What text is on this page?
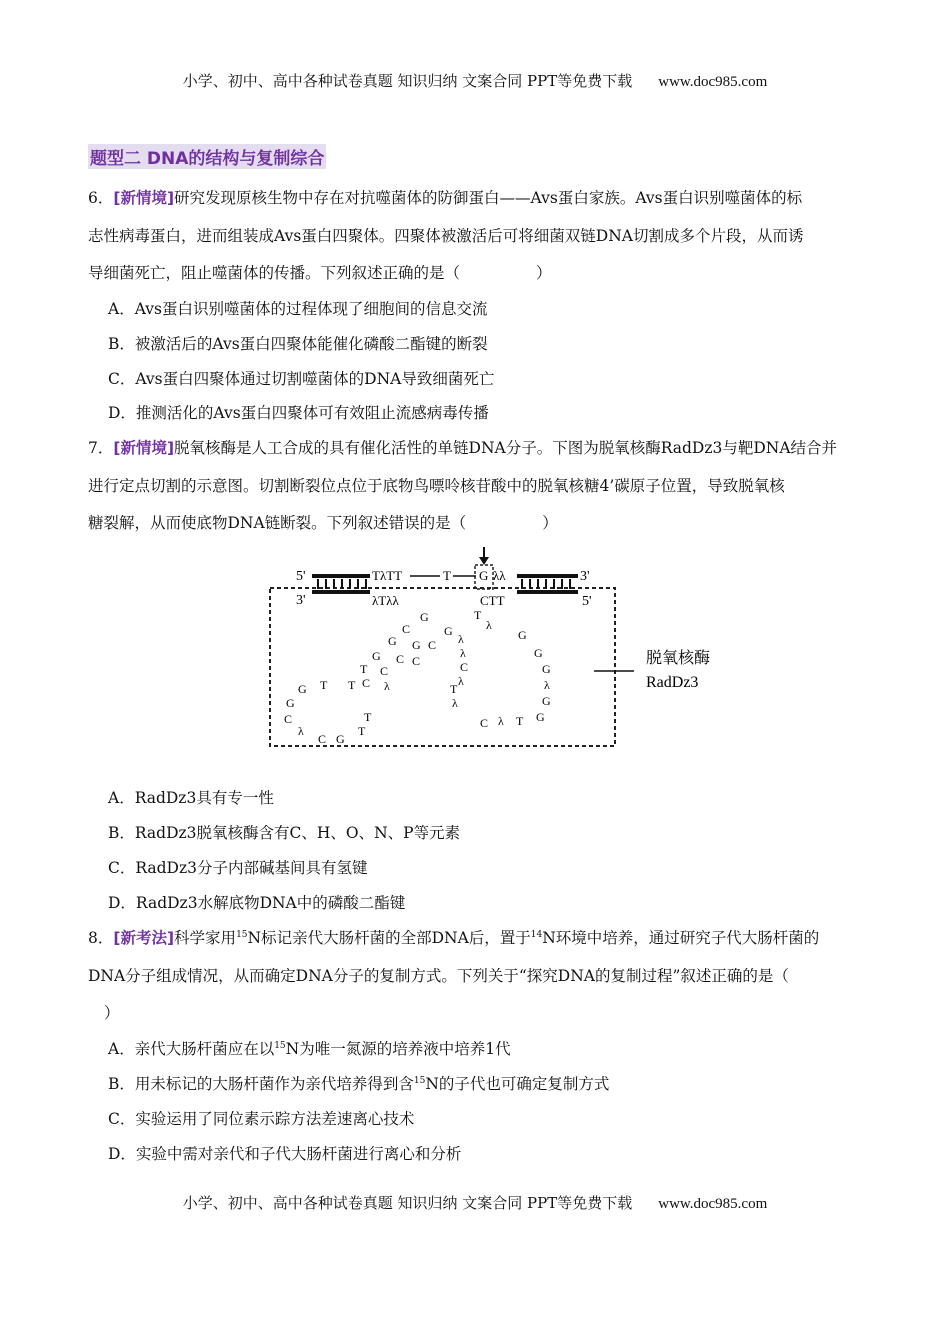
小学、初中、高中各种试卷真题 知识归纳 文案合同 PPT等免费下载 www.doc985.com
题型二 DNA的结构与复制综合
6．[新情境]研究发现原核生物中存在对抗噬菌体的防御蛋白——Avs蛋白家族。Avs蛋白识别噬菌体的标
志性病毒蛋白，进而组装成Avs蛋白四聚体。四聚体被激活后可将细菌双链DNA切割成多个片段，从而诱
导细菌死亡，阻止噬菌体的传播。下列叙述正确的是（	）
A．Avs蛋白识别噬菌体的过程体现了细胞间的信息交流
B．被激活后的Avs蛋白四聚体能催化磷酸二酯键的断裂
C．Avs蛋白四聚体通过切割噬菌体的DNA导致细菌死亡
D．推测活化的Avs蛋白四聚体可有效阻止流感病毒传播
7．[新情境]脱氧核酶是人工合成的具有催化活性的单链DNA分子。下图为脱氧核酶RadDz3与靶DNA结合并
进行定点切割的示意图。切割断裂位点位于底物鸟嘌呤核苷酸中的脱氧核糖4’碳原子位置，导致脱氧核
糖裂解，从而使底物DNA链断裂。下列叙述错误的是（	）
5'	TλTT	T G λλ	3'
3'	λTλλ	CTT	5'
G
G
C
C
G
G
G C C
C
T
C λ
T T
G
G
C
λ
C G
T
T
λ
λ
C
λ
T
λ
T
λ
G
G
G
λ
G
G
T
C λ
脱氧核酶
RadDz3
A．RadDz3具有专一性
B．RadDz3脱氧核酶含有C、H、O、N、P等元素
C．RadDz3分子内部碱基间具有氢键
D．RadDz3水解底物DNA中的磷酸二酯键
8．[新考法]科学家用$^{15}$N标记亲代大肠杆菌的全部DNA后，置于$^{14}$N环境中培养，通过研究子代大肠杆菌的
DNA分子组成情况，从而确定DNA分子的复制方式。下列关于“探究DNA的复制过程”叙述正确的是（
）
A．亲代大肠杆菌应在以$^{15}$N为唯一氮源的培养液中培养1代
B．用未标记的大肠杆菌作为亲代培养得到含$^{15}$N的子代也可确定复制方式
C．实验运用了同位素示踪方法差速离心技术
D．实验中需对亲代和子代大肠杆菌进行离心和分析
小学、初中、高中各种试卷真题 知识归纳 文案合同 PPT等免费下载 www.doc985.com
